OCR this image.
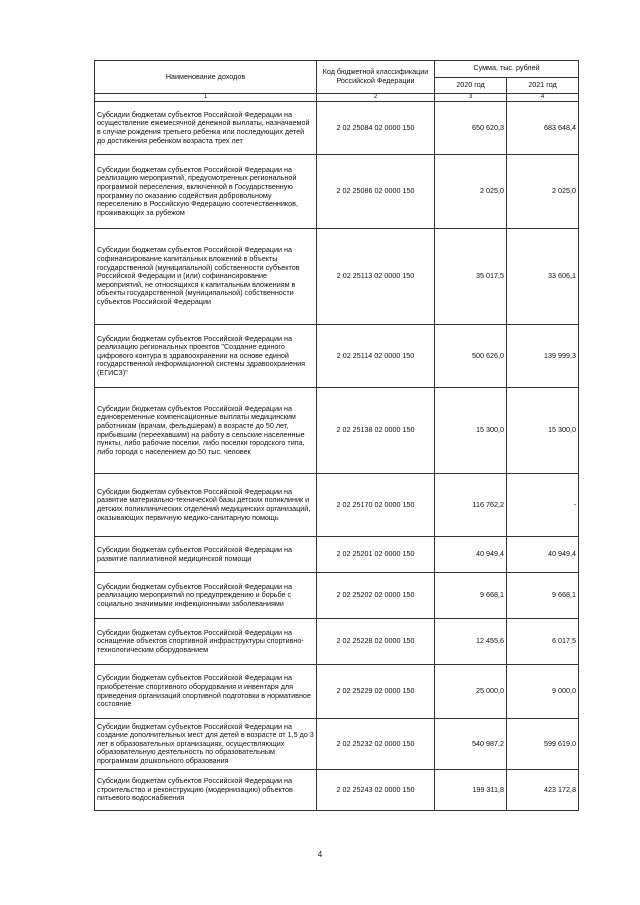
Наименование доходов	Код бюджетной классификации Российской Федерации	Сумма, тыс. рублей	
		2020 год	2021 год
1	2	3	4
Субсидии бюджетам субъектов Российской Федерации на осуществление ежемесячной денежной выплаты, назначаемой в случае рождения третьего ребенка или последующих детей до достижения ребенком возраста трех лет	2 02 25084 02 0000 150	650 620,3	683 648,4
Субсидии бюджетам субъектов Российской Федерации на реализацию мероприятий, предусмотренных региональной программой переселения, включенной в Государственную программу по оказанию содействия добровольному переселению в Российскую Федерацию соотечественников, проживающих за рубежом	2 02 25086 02 0000 150	2 025,0	2 025,0
Субсидии бюджетам субъектов Российской Федерации на софинансирование капитальных вложений в объекты государственной (муниципальной) собственности субъектов Российской Федерации и (или) софинансирование мероприятий, не относящихся к капитальным вложениям в объекты государственной (муниципальной) собственности субъектов Российской Федерации	2 02 25113 02 0000 150	35 017,5	33 606,1
Субсидии бюджетам субъектов Российской Федерации на реализацию региональных проектов "Создание единого цифрового контура в здравоохранении на основе единой государственной информационной системы здравоохранения (ЕГИСЗ)"	2 02 25114 02 0000 150	500 626,0	139 999,3
Субсидии бюджетам субъектов Российской Федерации на единовременные компенсационные выплаты медицинским работникам (врачам, фельдшерам) в возрасте до 50 лет, прибывшим (переехавшим) на работу в сельские населенные пункты, либо рабочие поселки, либо поселки городского типа, либо города с населением до 50 тыс. человек	2 02 25138 02 0000 150	15 300,0	15 300,0
Субсидии бюджетам субъектов Российской Федерации на развитие материально-технической базы детских поликлиник и детских поликлинических отделений медицинских организаций, оказывающих первичную медико-санитарную помощь	2 02 25170 02 0000 150	116 762,2	-
Субсидии бюджетам субъектов Российской Федерации на развитие паллиативной медицинской помощи	2 02 25201 02 0000 150	40 949,4	40 949,4
Субсидии бюджетам субъектов Российской Федерации на реализацию мероприятий по предупреждению и борьбе с социально значимыми инфекционными заболеваниями	2 02 25202 02 0000 150	9 668,1	9 668,1
Субсидии бюджетам субъектов Российской Федерации на оснащение объектов спортивной инфраструктуры спортивно-технологическим оборудованием	2 02 25228 02 0000 150	12 455,6	6 017,5
Субсидии бюджетам субъектов Российской Федерации на приобретение спортивного оборудования и инвентаря для приведения организаций спортивной подготовки в нормативное состояние	2 02 25229 02 0000 150	25 000,0	9 000,0
Субсидии бюджетам субъектов Российской Федерации на создание дополнительных мест для детей в возрасте от 1,5 до 3 лет в образовательных организациях, осуществляющих образовательную деятельность по образовательным программам дошкольного образования	2 02 25232 02 0000 150	540 987,2	599 619,0
Субсидии бюджетам субъектов Российской Федерации на строительство и реконструкцию (модернизацию) объектов питьевого водоснабжения	2 02 25243 02 0000 150	199 311,8	423 172,8
4
